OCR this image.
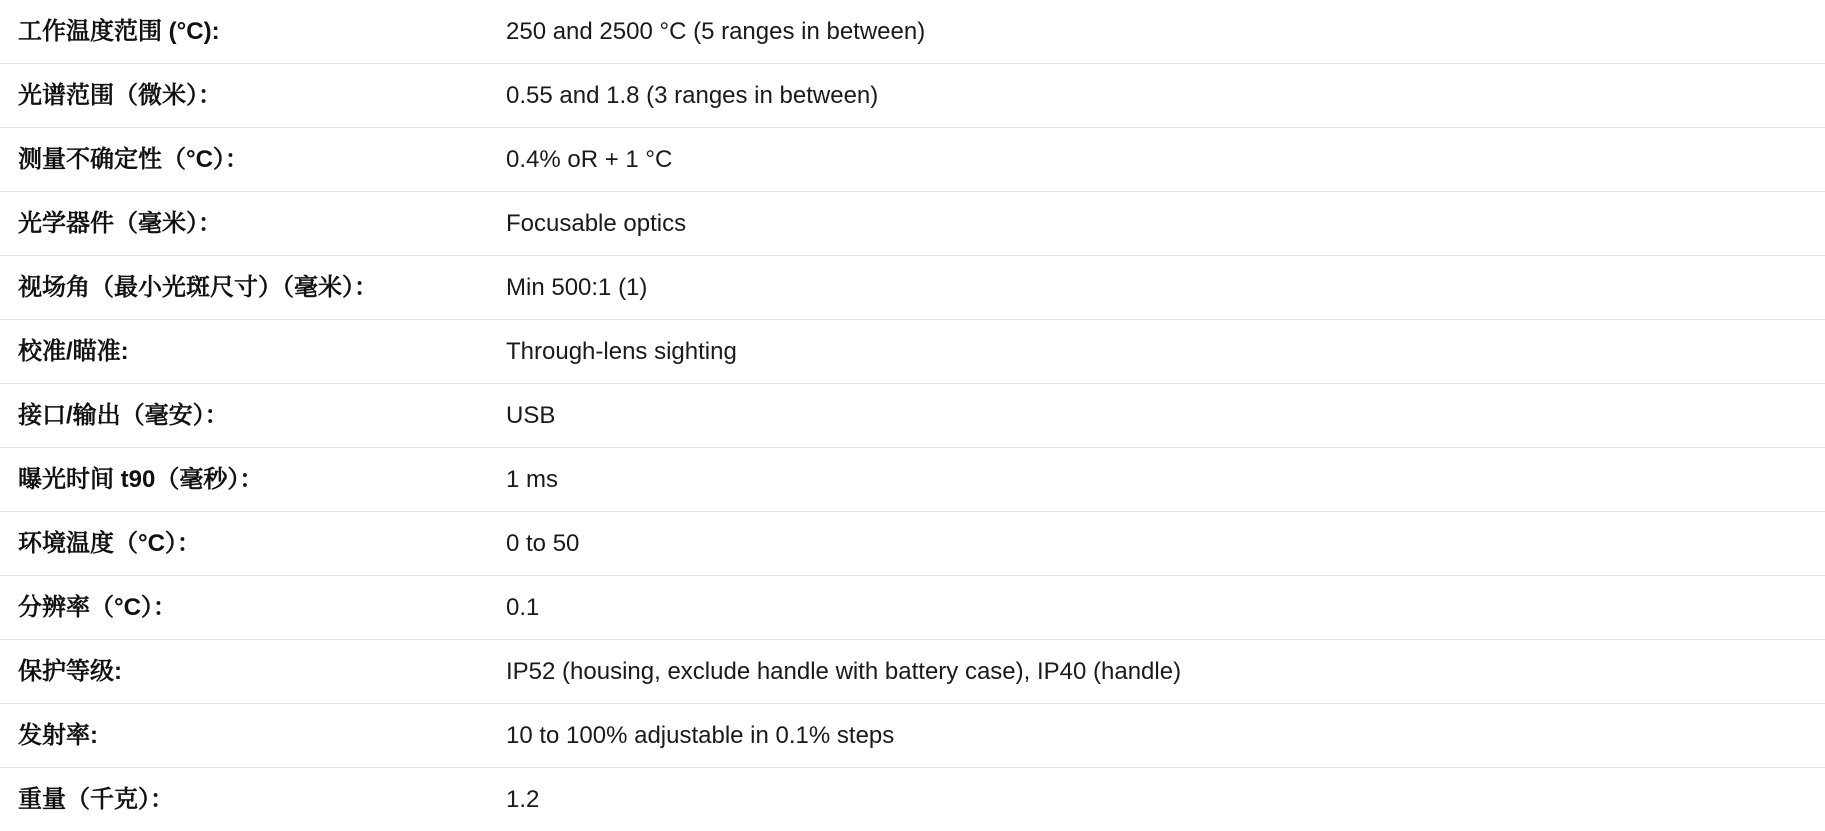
工作温度范围 (°C):	250 and 2500 °C (5 ranges in between)
光谱范围（微米）：	0.55 and 1.8 (3 ranges in between)
测量不确定性（°C）：	0.4% oR + 1 °C
光学器件（毫米）：	Focusable optics
视场角（最小光斑尺寸）（毫米）：	Min 500:1 (1)
校准/瞄准:	Through-lens sighting
接口/输出（毫安）：	USB
曝光时间 t90（毫秒）：	1 ms
环境温度（°C）：	0 to 50
分辨率（°C）：	0.1
保护等级:	IP52 (housing, exclude handle with battery case), IP40 (handle)
发射率:	10 to 100% adjustable in 0.1% steps
重量（千克）：	1.2
